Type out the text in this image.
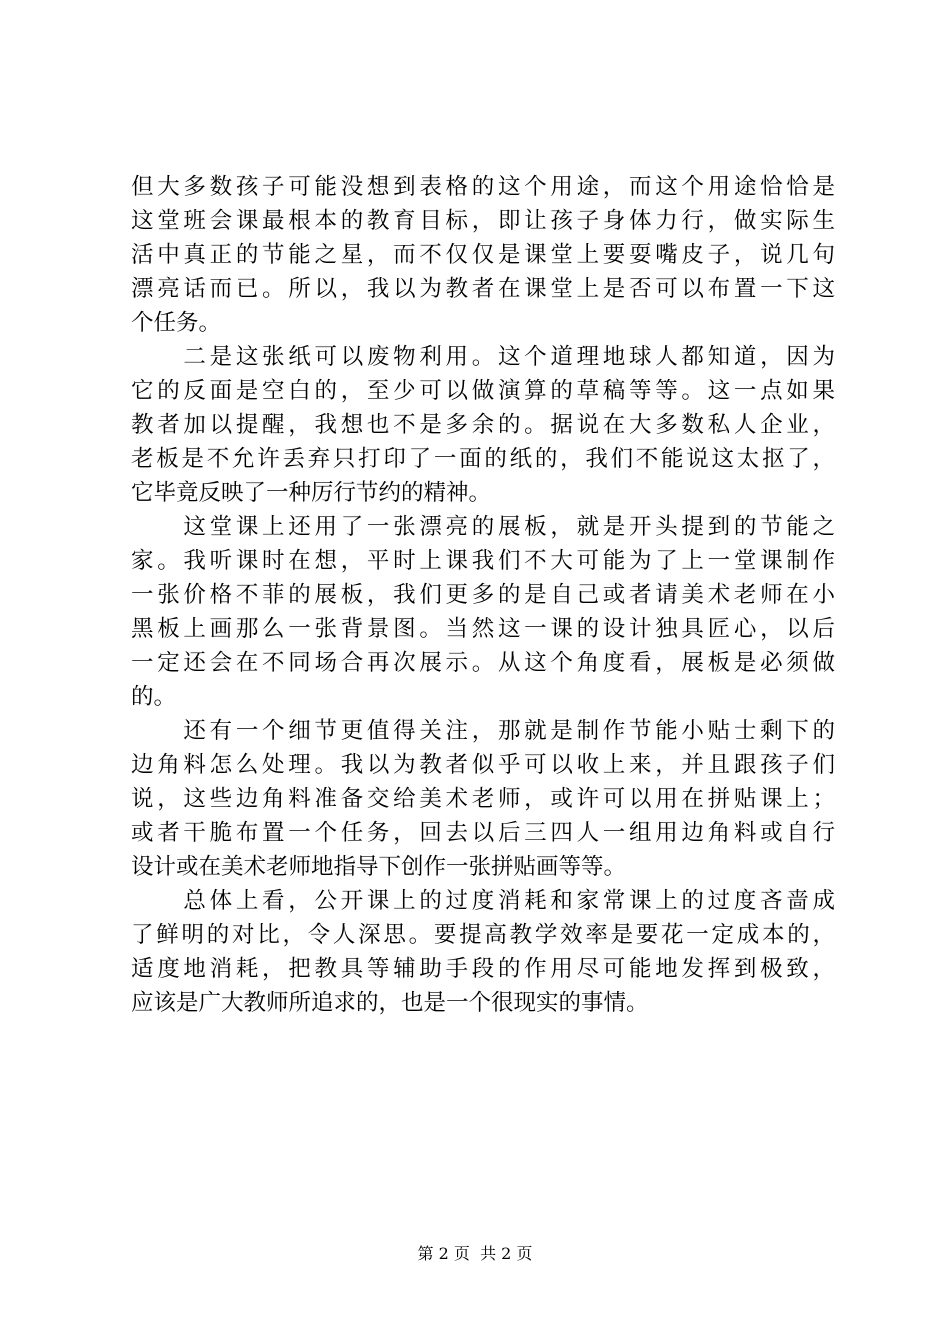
但大多数孩子可能没想到表格的这个用途，而这个用途恰恰是
这堂班会课最根本的教育目标，即让孩子身体力行，做实际生
活中真正的节能之星，而不仅仅是课堂上要耍嘴皮子，说几句
漂亮话而已。所以，我以为教者在课堂上是否可以布置一下这
个任务。
　　二是这张纸可以废物利用。这个道理地球人都知道，因为
它的反面是空白的，至少可以做演算的草稿等等。这一点如果
教者加以提醒，我想也不是多余的。据说在大多数私人企业，
老板是不允许丢弃只打印了一面的纸的，我们不能说这太抠了，
它毕竟反映了一种厉行节约的精神。
　　这堂课上还用了一张漂亮的展板，就是开头提到的节能之
家。我听课时在想，平时上课我们不大可能为了上一堂课制作
一张价格不菲的展板，我们更多的是自己或者请美术老师在小
黑板上画那么一张背景图。当然这一课的设计独具匠心，以后
一定还会在不同场合再次展示。从这个角度看，展板是必须做
的。
　　还有一个细节更值得关注，那就是制作节能小贴士剩下的
边角料怎么处理。我以为教者似乎可以收上来，并且跟孩子们
说，这些边角料准备交给美术老师，或许可以用在拼贴课上；
或者干脆布置一个任务，回去以后三四人一组用边角料或自行
设计或在美术老师地指导下创作一张拼贴画等等。
　　总体上看，公开课上的过度消耗和家常课上的过度吝啬成
了鲜明的对比，令人深思。要提高教学效率是要花一定成本的，
适度地消耗，把教具等辅助手段的作用尽可能地发挥到极致，
应该是广大教师所追求的，也是一个很现实的事情。
第 2 页  共 2 页
